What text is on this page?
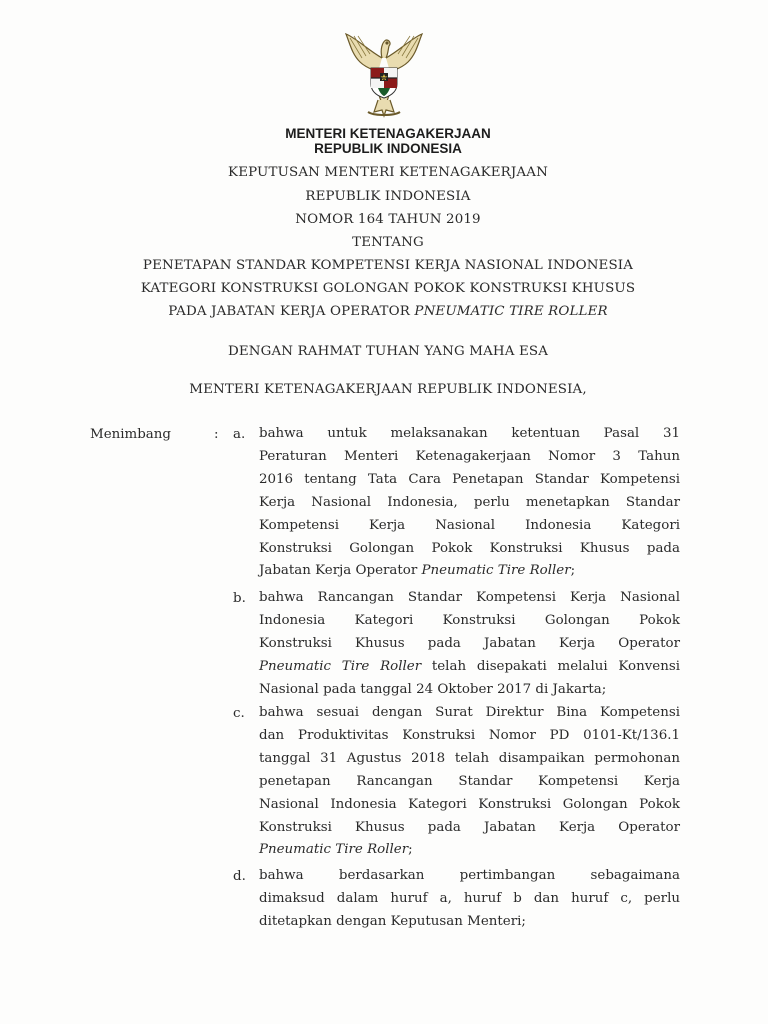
MENTERI KETENAGAKERJAAN
REPUBLIK INDONESIA
KEPUTUSAN MENTERI KETENAGAKERJAAN
REPUBLIK INDONESIA
NOMOR 164 TAHUN 2019
TENTANG
PENETAPAN STANDAR KOMPETENSI KERJA NASIONAL INDONESIA
KATEGORI KONSTRUKSI GOLONGAN POKOK KONSTRUKSI KHUSUS
PADA JABATAN KERJA OPERATOR PNEUMATIC TIRE ROLLER
DENGAN RAHMAT TUHAN YANG MAHA ESA
MENTERI KETENAGAKERJAAN REPUBLIK INDONESIA,
Menimbang	: a. bahwa untuk melaksanakan ketentuan Pasal 31
Peraturan Menteri Ketenagakerjaan Nomor 3 Tahun
2016 tentang Tata Cara Penetapan Standar Kompetensi
Kerja Nasional Indonesia, perlu menetapkan Standar
Kompetensi Kerja Nasional Indonesia Kategori
Konstruksi Golongan Pokok Konstruksi Khusus pada
Jabatan Kerja Operator Pneumatic Tire Roller;
b. bahwa Rancangan Standar Kompetensi Kerja Nasional
Indonesia Kategori Konstruksi Golongan Pokok
Konstruksi Khusus pada Jabatan Kerja Operator
Pneumatic Tire Roller telah disepakati melalui Konvensi
Nasional pada tanggal 24 Oktober 2017 di Jakarta;
c. bahwa sesuai dengan Surat Direktur Bina Kompetensi
dan Produktivitas Konstruksi Nomor PD 0101-Kt/136.1
tanggal 31 Agustus 2018 telah disampaikan permohonan
penetapan Rancangan Standar Kompetensi Kerja
Nasional Indonesia Kategori Konstruksi Golongan Pokok
Konstruksi Khusus pada Jabatan Kerja Operator
Pneumatic Tire Roller;
d. bahwa berdasarkan pertimbangan sebagaimana
dimaksud dalam huruf a, huruf b dan huruf c, perlu
ditetapkan dengan Keputusan Menteri;
